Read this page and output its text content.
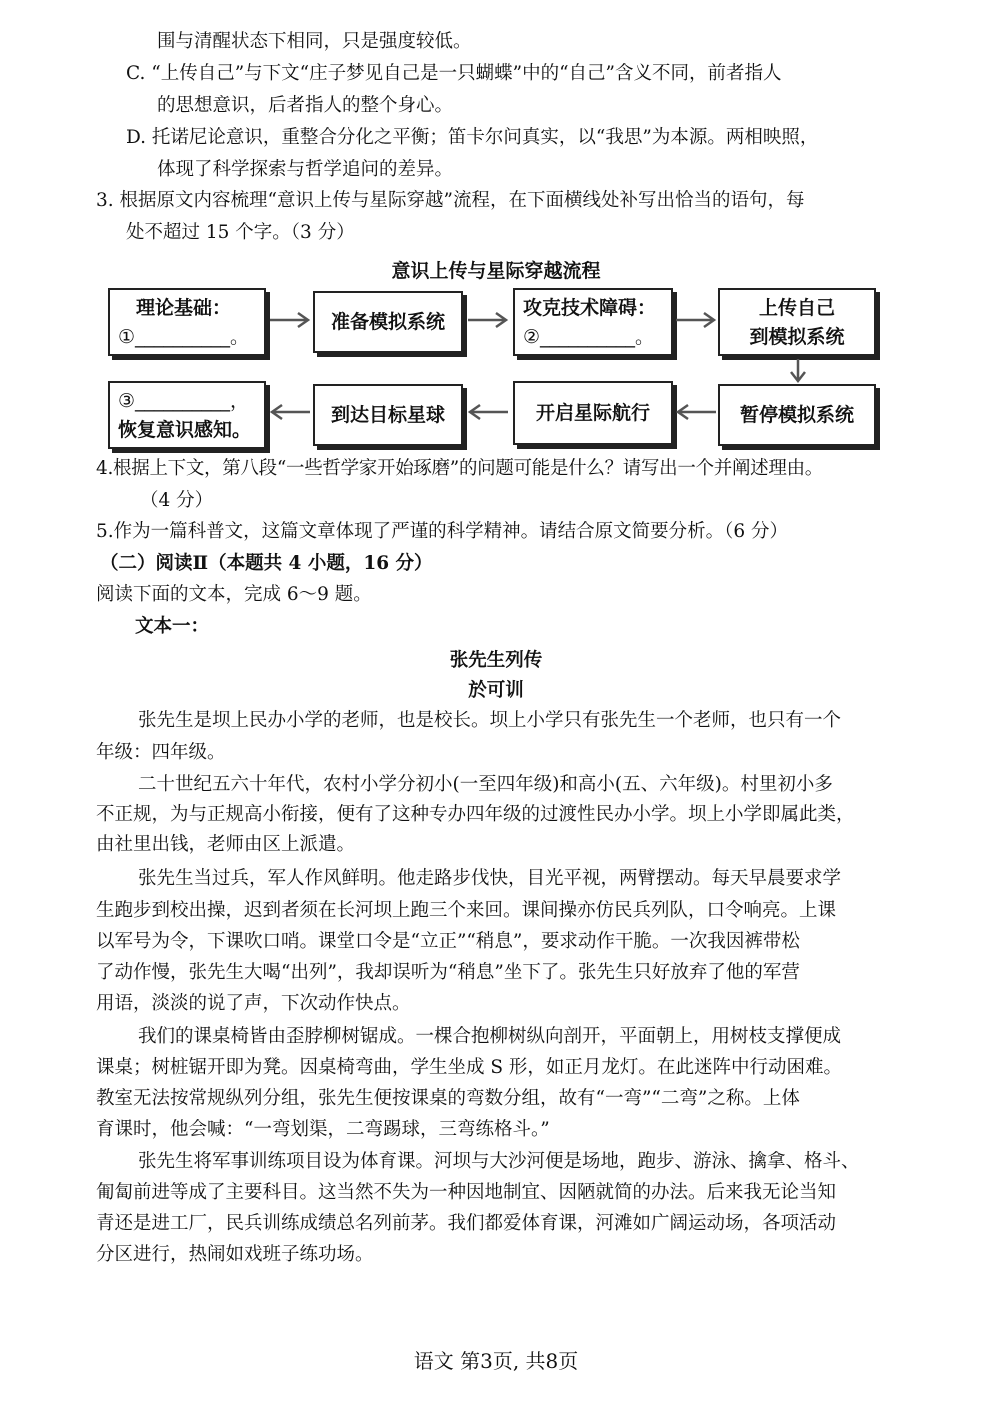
围与清醒状态下相同，只是强度较低。
C. “上传自己”与下文“庄子梦见自己是一只蝴蝶”中的“自己”含义不同，前者指人
的思想意识，后者指人的整个身心。
D. 托诺尼论意识，重整合分化之平衡；笛卡尔问真实，以“我思”为本源。两相映照，
体现了科学探索与哲学追问的差异。
3. 根据原文内容梳理“意识上传与星际穿越”流程，在下面横线处补写出恰当的语句，每
处不超过 15 个字。（3 分）
意识上传与星际穿越流程
理论基础：
①__________。
准备模拟系统
攻克技术障碍：
②__________。
上传自己
到模拟系统
③__________，
恢复意识感知。
到达目标星球	开启星际航行	暂停模拟系统
4.根据上下文，第八段“一些哲学家开始琢磨”的问题可能是什么？请写出一个并阐述理由。
（4 分）
5.作为一篇科普文，这篇文章体现了严谨的科学精神。请结合原文简要分析。（6 分）
（二）阅读Ⅱ（本题共 4 小题，16 分）
阅读下面的文本，完成 6～9 题。
文本一：
张先生列传
於可训
张先生是坝上民办小学的老师，也是校长。坝上小学只有张先生一个老师，也只有一个
年级：四年级。
二十世纪五六十年代，农村小学分初小(一至四年级)和高小(五、六年级)。村里初小多
不正规，为与正规高小衔接，便有了这种专办四年级的过渡性民办小学。坝上小学即属此类，
由社里出钱，老师由区上派遣。
张先生当过兵，军人作风鲜明。他走路步伐快，目光平视，两臂摆动。每天早晨要求学
生跑步到校出操，迟到者须在长河坝上跑三个来回。课间操亦仿民兵列队，口令响亮。上课
以军号为令，下课吹口哨。课堂口令是“立正”“稍息”，要求动作干脆。一次我因裤带松
了动作慢，张先生大喝“出列”，我却误听为“稍息”坐下了。张先生只好放弃了他的军营
用语，淡淡的说了声，下次动作快点。
我们的课桌椅皆由歪脖柳树锯成。一棵合抱柳树纵向剖开，平面朝上，用树枝支撑便成
课桌；树桩锯开即为凳。因桌椅弯曲，学生坐成 S 形，如正月龙灯。在此迷阵中行动困难。
教室无法按常规纵列分组，张先生便按课桌的弯数分组，故有“一弯”“二弯”之称。上体
育课时，他会喊：“一弯划渠，二弯踢球，三弯练格斗。”
张先生将军事训练项目设为体育课。河坝与大沙河便是场地，跑步、游泳、擒拿、格斗、
匍匐前进等成了主要科目。这当然不失为一种因地制宜、因陋就简的办法。后来我无论当知
青还是进工厂，民兵训练成绩总名列前茅。我们都爱体育课，河滩如广阔运动场，各项活动
分区进行，热闹如戏班子练功场。
语文 第3页, 共8页
